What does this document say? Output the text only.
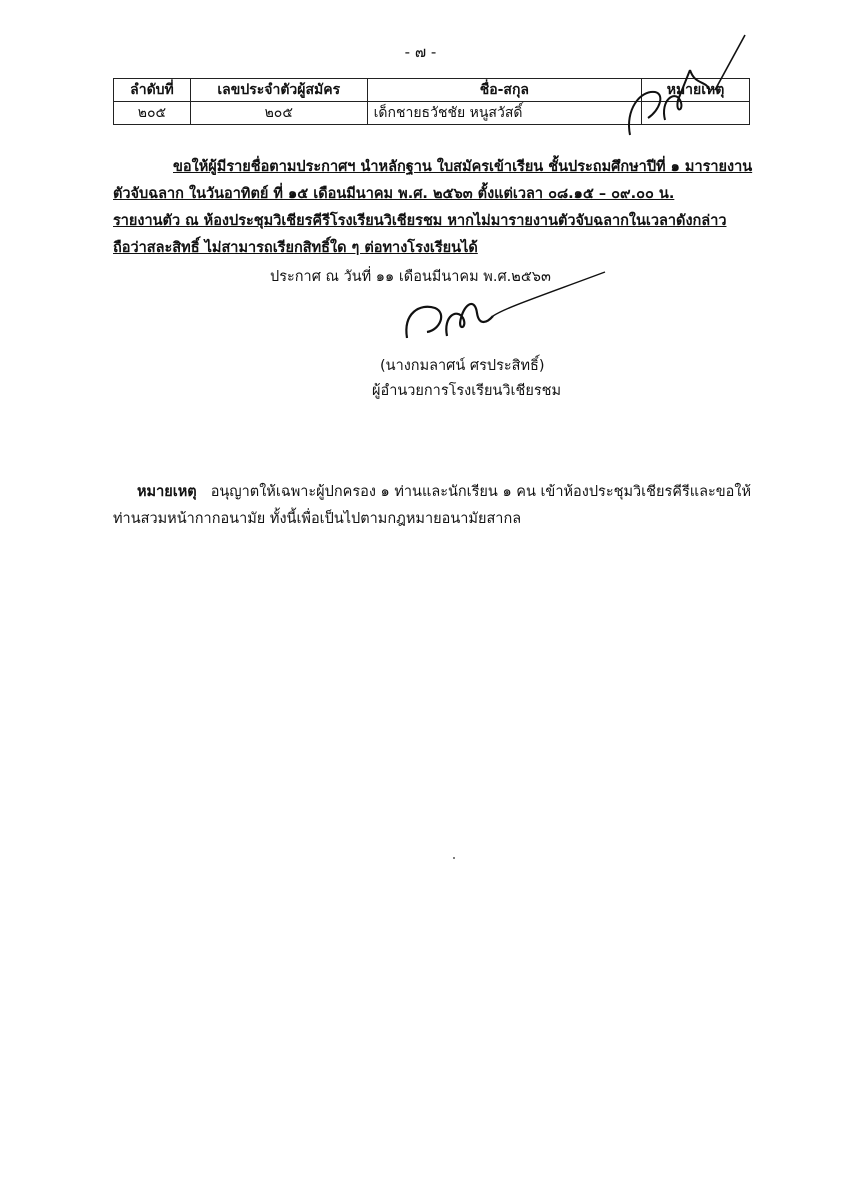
- ๗ -
ลำดับที่	เลขประจำตัวผู้สมัคร	ชื่อ-สกุล	หมายเหตุ
๒๐๕	๒๐๕	เด็กชายธวัชชัย หนูสวัสดิ์	

ขอให้ผู้มีรายชื่อตามประกาศฯ นำหลักฐาน ใบสมัครเข้าเรียน ชั้นประถมศึกษาปีที่ ๑ มารายงาน

ตัวจับฉลาก ในวันอาทิตย์ ที่ ๑๕ เดือนมีนาคม พ.ศ. ๒๕๖๓ ตั้งแต่เวลา ๐๘.๑๕ – ๐๙.๐๐ น.

รายงานตัว ณ ห้องประชุมวิเชียรคีรีโรงเรียนวิเชียรชม หากไม่มารายงานตัวจับฉลากในเวลาดังกล่าว

ถือว่าสละสิทธิ์ ไม่สามารถเรียกสิทธิ์ใด ๆ ต่อทางโรงเรียนได้

ประกาศ ณ วันที่ ๑๑ เดือนมีนาคม พ.ศ.๒๕๖๓
(นางกมลาศน์ ศรประสิทธิ์)
ผู้อำนวยการโรงเรียนวิเชียรชม
หมายเหตุ อนุญาตให้เฉพาะผู้ปกครอง ๑ ท่านและนักเรียน ๑ คน เข้าห้องประชุมวิเชียรคีรีและขอให้ท่านสวมหน้ากากอนามัย ทั้งนี้เพื่อเป็นไปตามกฎหมายอนามัยสากล
